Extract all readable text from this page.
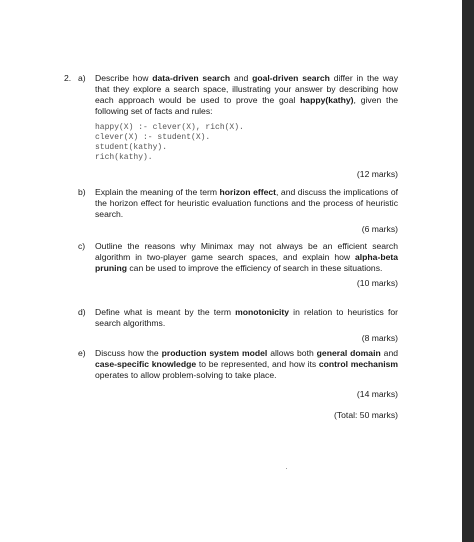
2. a)	Describe how data-driven search and goal-driven search differ in the way that they explore a search space, illustrating your answer by describing how each approach would be used to prove the goal happy(kathy), given the following set of facts and rules:
happy(X) :- clever(X), rich(X).
clever(X) :- student(X).
student(kathy).
rich(kathy).
(12 marks)
b)	Explain the meaning of the term horizon effect, and discuss the implications of the horizon effect for heuristic evaluation functions and the process of heuristic search.
(6 marks)
c)	Outline the reasons why Minimax may not always be an efficient search algorithm in two-player game search spaces, and explain how alpha-beta pruning can be used to improve the efficiency of search in these situations.
(10 marks)
d)	Define what is meant by the term monotonicity in relation to heuristics for search algorithms.
(8 marks)
e)	Discuss how the production system model allows both general domain and case-specific knowledge to be represented, and how its control mechanism operates to allow problem-solving to take place.
(14 marks)
(Total: 50 marks)
